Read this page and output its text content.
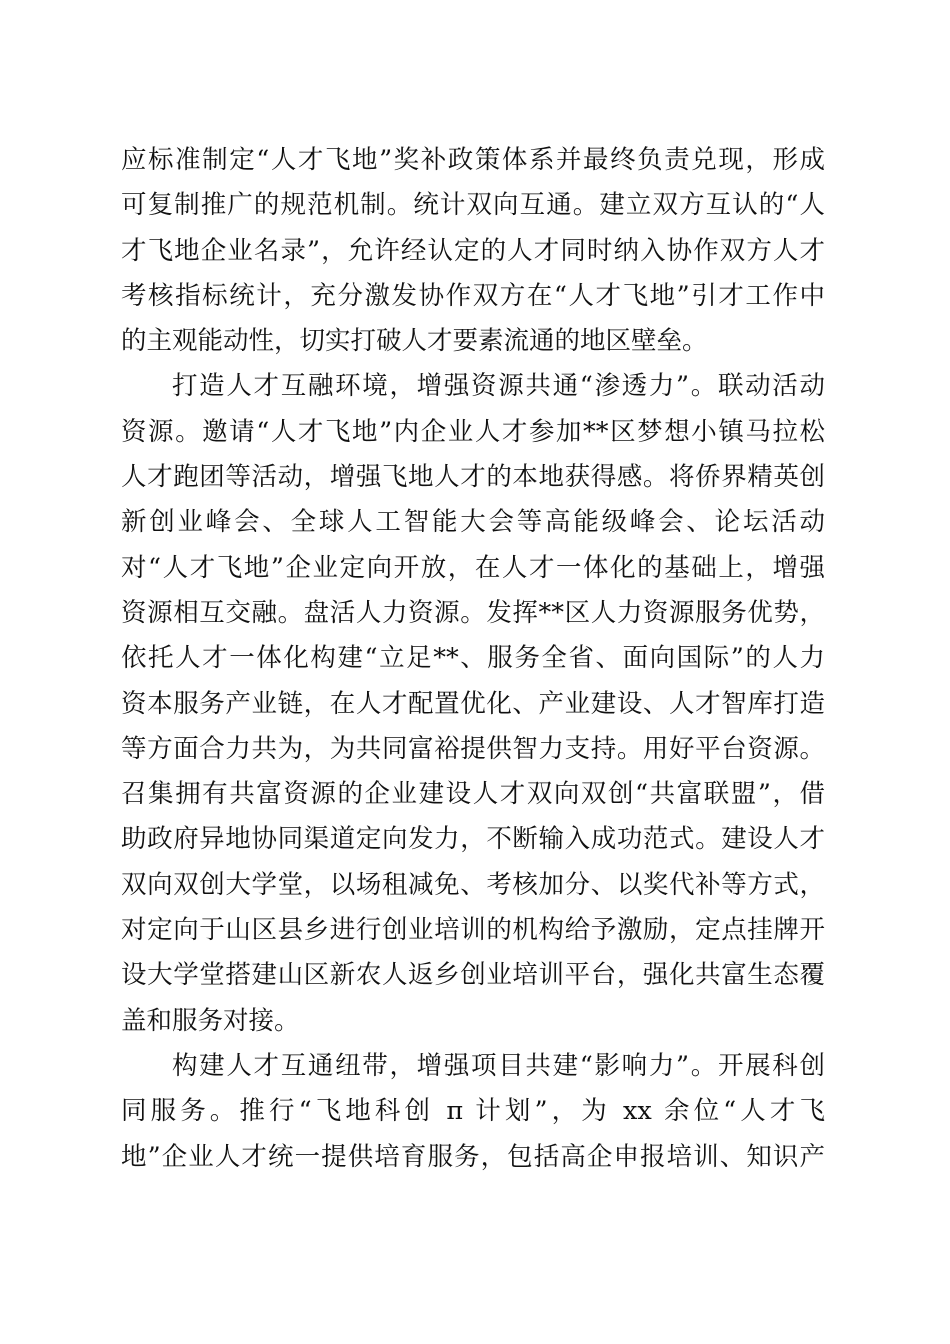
应标准制定“人才飞地”奖补政策体系并最终负责兑现，形成
可复制推广的规范机制。统计双向互通。建立双方互认的“人
才飞地企业名录”，允许经认定的人才同时纳入协作双方人才
考核指标统计，充分激发协作双方在“人才飞地”引才工作中
的主观能动性，切实打破人才要素流通的地区壁垒。
打造人才互融环境，增强资源共通“渗透力”。联动活动
资源。邀请“人才飞地”内企业人才参加**区梦想小镇马拉松
人才跑团等活动，增强飞地人才的本地获得感。将侨界精英创
新创业峰会、全球人工智能大会等高能级峰会、论坛活动
对“人才飞地”企业定向开放，在人才一体化的基础上，增强
资源相互交融。盘活人力资源。发挥**区人力资源服务优势，
依托人才一体化构建“立足**、服务全省、面向国际”的人力
资本服务产业链，在人才配置优化、产业建设、人才智库打造
等方面合力共为，为共同富裕提供智力支持。用好平台资源。
召集拥有共富资源的企业建设人才双向双创“共富联盟”，借
助政府异地协同渠道定向发力，不断输入成功范式。建设人才
双向双创大学堂，以场租减免、考核加分、以奖代补等方式，
对定向于山区县乡进行创业培训的机构给予激励，定点挂牌开
设大学堂搭建山区新农人返乡创业培训平台，强化共富生态覆
盖和服务对接。
构建人才互通纽带，增强项目共建“影响力”。开展科创
同服务。推行“飞地科创 π 计划”，为 xx 余位“人才飞
地”企业人才统一提供培育服务，包括高企申报培训、知识产
